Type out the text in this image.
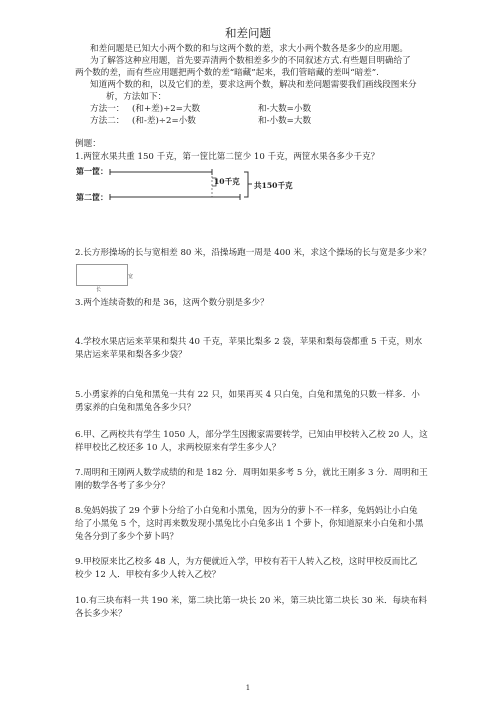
和差问题
和差问题是已知大小两个数的和与这两个数的差，求大小两个数各是多少的应用题。
为了解答这种应用题，首先要弄清两个数相差多少的不同叙述方式.有些题目明确给了
两个数的差，而有些应用题把两个数的差“暗藏”起来，我们管暗藏的差叫“暗差”.
知道两个数的和，以及它们的差，要求这两个数，解决和差问题需要我们画线段图来分
析，方法如下：
方法一： (和+差)÷2=大数	和-大数=小数
方法二： (和-差)÷2=小数	和-小数=大数
例题：
1.两筐水果共重 150 千克，第一筐比第二筐少 10 千克，两筐水果各多少千克？
第一筐：
第二筐：
10千克 共150千克
2.长方形操场的长与宽相差 80 米，沿操场跑一周是 400 米，求这个操场的长与宽是多少米？
宽
长
3.两个连续奇数的和是 36，这两个数分别是多少？
4.学校水果店运来苹果和梨共 40 千克，苹果比梨多 2 袋，苹果和梨每袋都重 5 千克，则水
果店运来苹果和梨各多少袋？
5.小勇家养的白兔和黑兔一共有 22 只，如果再买 4 只白兔，白兔和黑兔的只数一样多．小
勇家养的白兔和黑兔各多少只？
6.甲、乙两校共有学生 1050 人，部分学生因搬家需要转学，已知由甲校转入乙校 20 人，这
样甲校比乙校还多 10 人，求两校原来有学生多少人？
7.周明和王刚两人数学成绩的和是 182 分．周明如果多考 5 分，就比王刚多 3 分．周明和王
刚的数学各考了多少分？
8.兔妈妈拔了 29 个萝卜分给了小白兔和小黑兔，因为分的萝卜不一样多，兔妈妈让小白兔
给了小黑兔 5 个，这时再来数发现小黑兔比小白兔多出 1 个萝卜，你知道原来小白兔和小黑
兔各分到了多少个萝卜吗？
9.甲校原来比乙校多 48 人，为方便就近入学，甲校有若干人转入乙校，这时甲校反而比乙
校少 12 人．甲校有多少人转入乙校？
10.有三块布料一共 190 米，第二块比第一块长 20 米，第三块比第二块长 30 米．每块布料
各长多少米？
1
